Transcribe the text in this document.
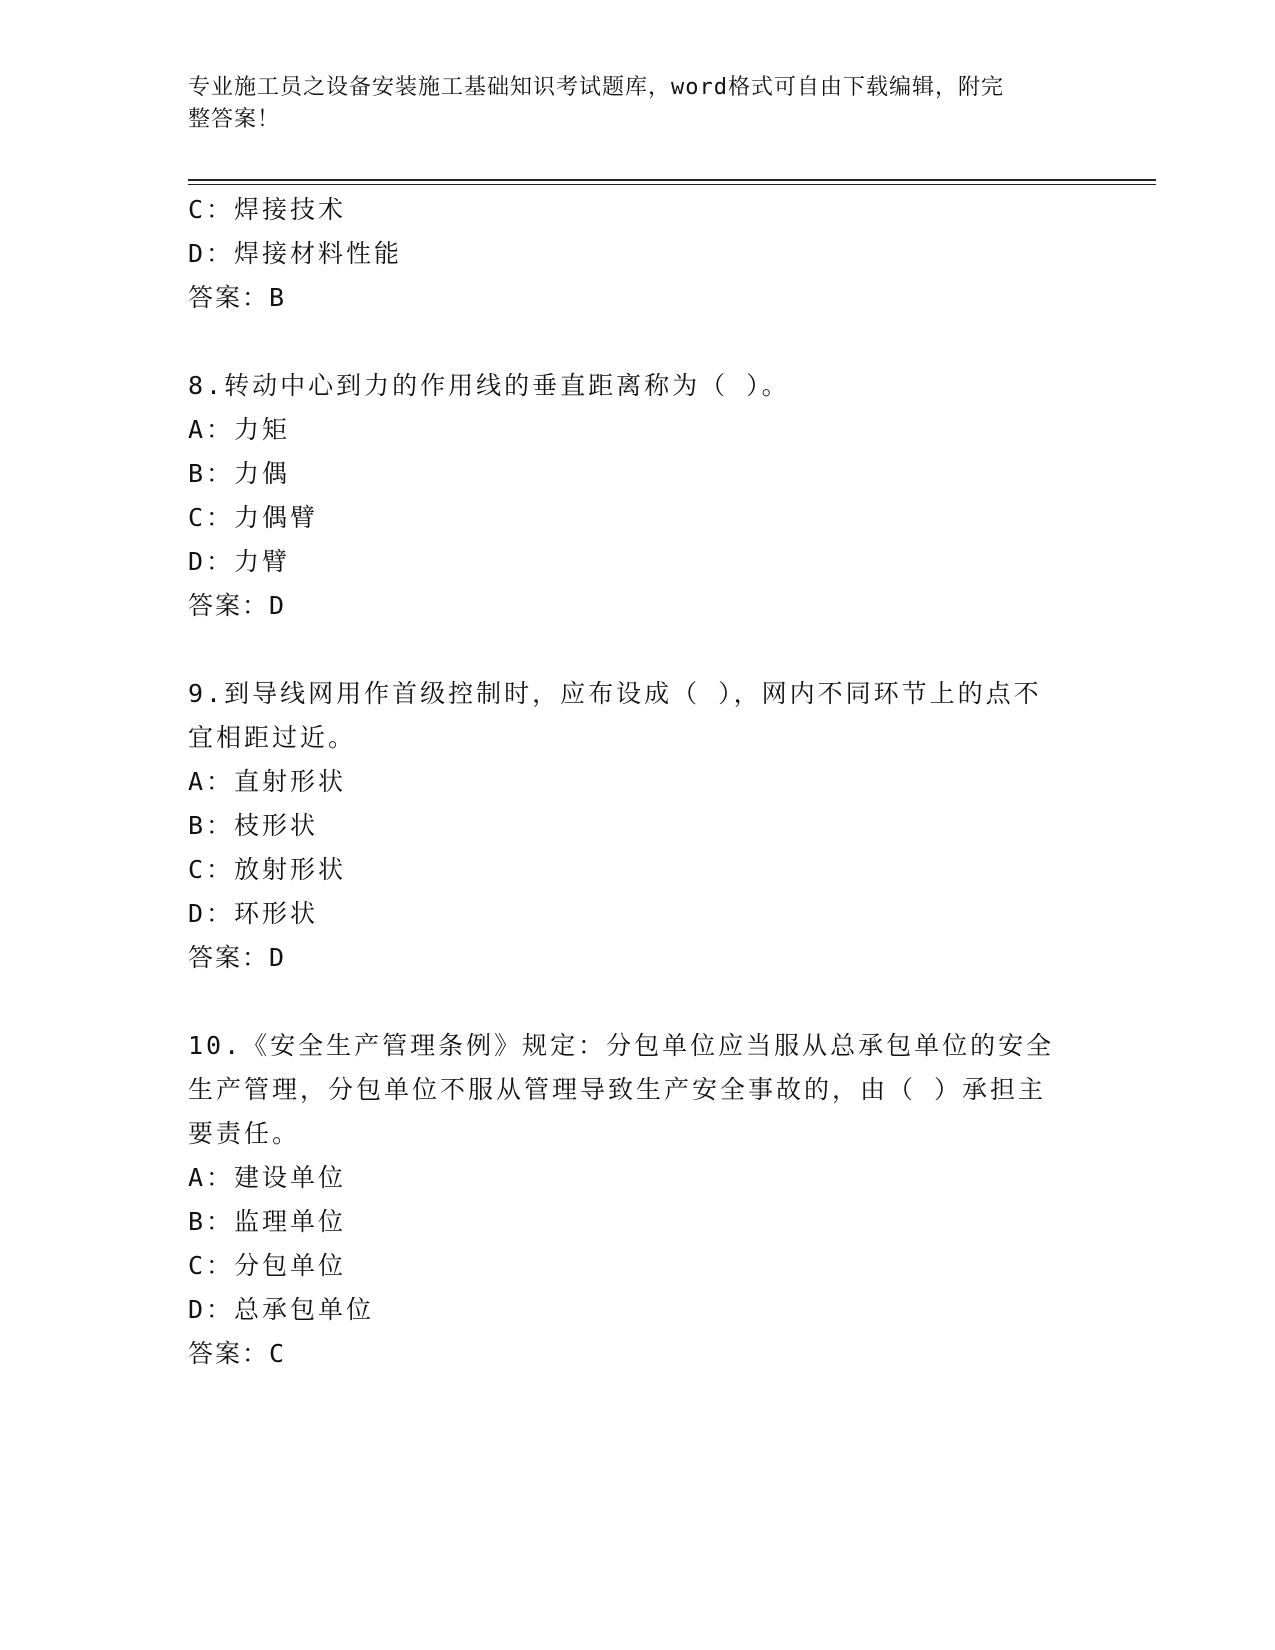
专业施工员之设备安装施工基础知识考试题库，word格式可自由下载编辑，附完
整答案！
C：焊接技术
D：焊接材料性能
答案：B
8.转动中心到力的作用线的垂直距离称为（ ）。
A：力矩
B：力偶
C：力偶臂
D：力臂
答案：D
9.到导线网用作首级控制时，应布设成（ ），网内不同环节上的点不
宜相距过近。
A：直射形状
B：枝形状
C：放射形状
D：环形状
答案：D
10.《安全生产管理条例》规定：分包单位应当服从总承包单位的安全
生产管理，分包单位不服从管理导致生产安全事故的，由（ ）承担主
要责任。
A：建设单位
B：监理单位
C：分包单位
D：总承包单位
答案：C
